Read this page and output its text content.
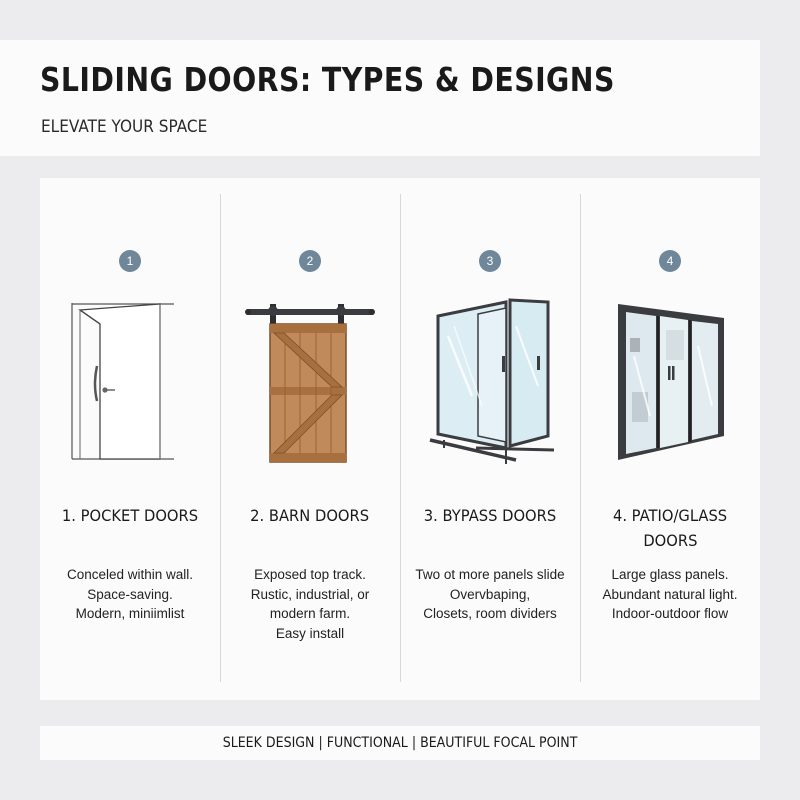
SLIDING DOORS: TYPES & DESIGNS
ELEVATE YOUR SPACE
1
1. POCKET DOORS
Conceled within wall.
Space-saving.
Modern, miniimlist
2
2. BARN DOORS
Exposed top track.
Rustic, industrial, or
modern farm.
Easy install
3
3. BYPASS DOORS
Two ot more panels slide
Overvbaping,
Closets, room dividers
4
4. PATIO/GLASS
DOORS
Large glass panels.
Abundant natural light.
Indoor-outdoor flow
SLEEK DESIGN | FUNCTIONAL | BEAUTIFUL FOCAL POINT
